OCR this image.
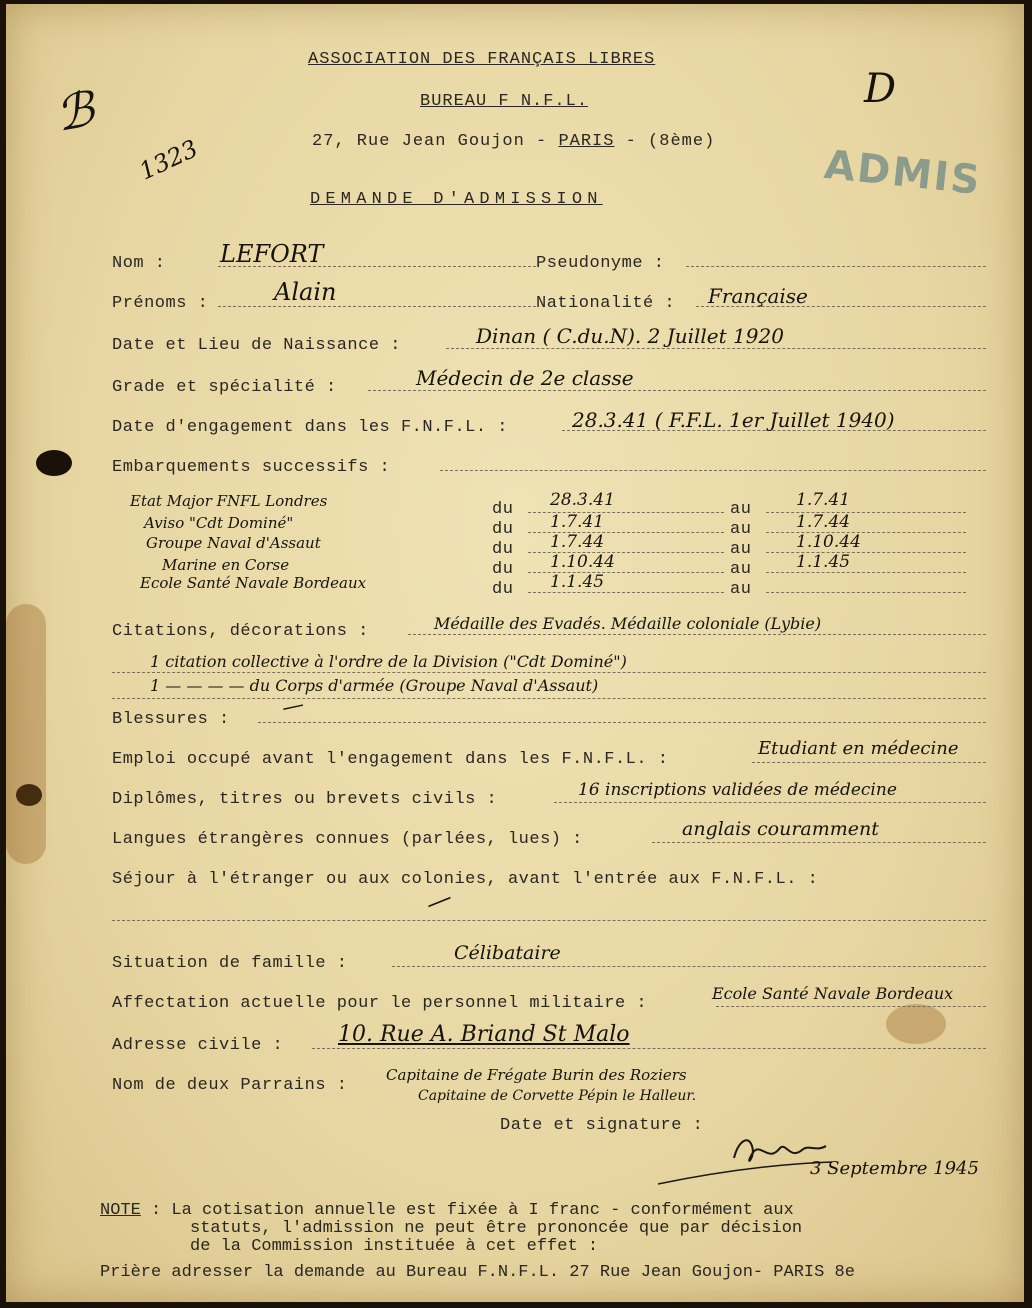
ℬ
1323
D
ADMIS
ASSOCIATION DES FRANÇAIS LIBRES
BUREAU F N.F.L.
27, Rue Jean Goujon - PARIS - (8ème)
DEMANDE D'ADMISSION
Nom : LEFORT	Pseudonyme :
Prénoms :	Alain	Nationalité : Française
Date et Lieu de Naissance :	Dinan ( C.du.N). 2 Juillet 1920
Grade et spécialité :	Médecin de 2e classe
Date d'engagement dans les F.N.F.L. :	28.3.41 ( F.F.L. 1er Juillet 1940)
Embarquements successifs :
Etat Major FNFL Londres	du 28.3.41	au	1.7.41
Aviso "Cdt Dominé"	du 1.7.41	au	1.7.44
Groupe Naval d'Assaut	du 1.7.44	au	1.10.44
Marine en Corse	du 1.10.44	au	1.1.45
Ecole Santé Navale Bordeaux	du 1.1.45	au
Citations, décorations :	Médaille des Evadés. Médaille coloniale (Lybie)
1 citation collective à l'ordre de la Division ("Cdt Dominé")
1 — — — — du Corps d'armée (Groupe Naval d'Assaut)
Blessures : —
Emploi occupé avant l'engagement dans les F.N.F.L. :
Etudiant en médecine
Diplômes, titres ou brevets civils :	16 inscriptions validées de médecine
Langues étrangères connues (parlées, lues) :	anglais couramment
Séjour à l'étranger ou aux colonies, avant l'entrée aux F.N.F.L. :
—
Situation de famille :	Célibataire
Affectation actuelle pour le personnel militaire :
Ecole Santé Navale Bordeaux
Adresse civile : 10. Rue A. Briand St Malo
Nom de deux Parrains :
Capitaine de Frégate Burin des Roziers
Capitaine de Corvette Pépin le Halleur.
Date et signature :
3 Septembre 1945
NOTE : La cotisation annuelle est fixée à I franc - conformément aux
statuts, l'admission ne peut être prononcée que par décision
de la Commission instituée à cet effet :
Prière adresser la demande au Bureau F.N.F.L. 27 Rue Jean Goujon- PARIS 8e
